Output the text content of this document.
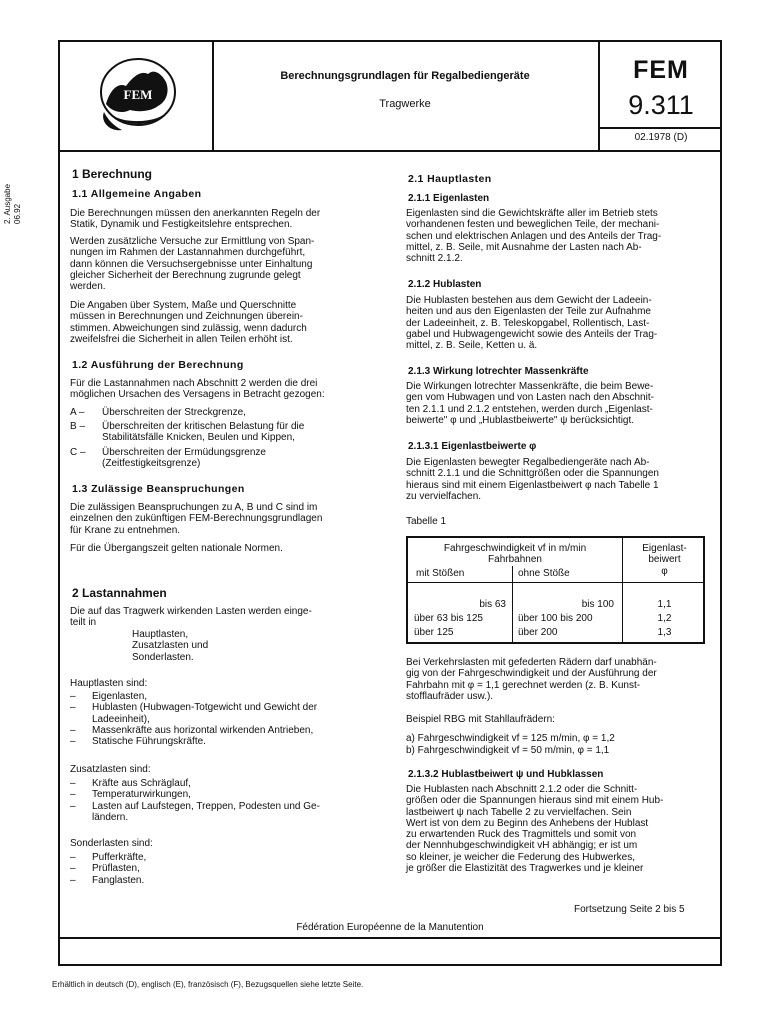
2. Ausgabe 06.92
FEM
Berechnungsgrundlagen für Regalbediengeräte
Tragwerke
FEM
9.311
02.1978 (D)
1 Berechnung
1.1 Allgemeine Angaben
Die Berechnungen müssen den anerkannten Regeln der
Statik, Dynamik und Festigkeitslehre entsprechen.
Werden zusätzliche Versuche zur Ermittlung von Span-
nungen im Rahmen der Lastannahmen durchgeführt,
dann können die Versuchsergebnisse unter Einhaltung
gleicher Sicherheit der Berechnung zugrunde gelegt
werden.
Die Angaben über System, Maße und Querschnitte
müssen in Berechnungen und Zeichnungen überein-
stimmen. Abweichungen sind zulässig, wenn dadurch
zweifelsfrei die Sicherheit in allen Teilen erhöht ist.
1.2 Ausführung der Berechnung
Für die Lastannahmen nach Abschnitt 2 werden die drei
möglichen Ursachen des Versagens in Betracht gezogen:
A – Überschreiten der Streckgrenze,
B – Überschreiten der kritischen Belastung für die
Stabilitätsfälle Knicken, Beulen und Kippen,
C – Überschreiten der Ermüdungsgrenze
(Zeitfestigkeitsgrenze)
1.3 Zulässige Beanspruchungen
Die zulässigen Beanspruchungen zu A, B und C sind im
einzelnen den zukünftigen FEM-Berechnungsgrundlagen
für Krane zu entnehmen.
Für die Übergangszeit gelten nationale Normen.
2 Lastannahmen
Die auf das Tragwerk wirkenden Lasten werden einge-
teilt in
Hauptlasten,
Zusatzlasten und
Sonderlasten.
Hauptlasten sind:
–
–
–
–
Eigenlasten,
Hublasten (Hubwagen-Totgewicht und Gewicht der
Ladeeinheit),
Massenkräfte aus horizontal wirkenden Antrieben,
Statische Führungskräfte.
Zusatzlasten sind:
–
–
–
Kräfte aus Schräglauf,
Temperaturwirkungen,
Lasten auf Laufstegen, Treppen, Podesten und Ge-
ländern.
Sonderlasten sind:
–
–
–
Pufferkräfte,
Prüflasten,
Fanglasten.
2.1 Hauptlasten
2.1.1 Eigenlasten
Eigenlasten sind die Gewichtskräfte aller im Betrieb stets
vorhandenen festen und beweglichen Teile, der mechani-
schen und elektrischen Anlagen und des Anteils der Trag-
mittel, z. B. Seile, mit Ausnahme der Lasten nach Ab-
schnitt 2.1.2.
2.1.2 Hublasten
Die Hublasten bestehen aus dem Gewicht der Ladeein-
heiten und aus den Eigenlasten der Teile zur Aufnahme
der Ladeeinheit, z. B. Teleskopgabel, Rollentisch, Last-
gabel und Hubwagengewicht sowie des Anteils der Trag-
mittel, z. B. Seile, Ketten u. ä.
2.1.3 Wirkung lotrechter Massenkräfte
Die Wirkungen lotrechter Massenkräfte, die beim Bewe-
gen vom Hubwagen und von Lasten nach den Abschnit-
ten 2.1.1 und 2.1.2 entstehen, werden durch „Eigenlast-
beiwerte" φ und „Hublastbeiwerte" ψ berücksichtigt.
2.1.3.1 Eigenlastbeiwerte φ
Die Eigenlasten bewegter Regalbediengeräte nach Ab-
schnitt 2.1.1 und die Schnittgrößen oder die Spannungen
hieraus sind mit einem Eigenlastbeiwert φ nach Tabelle 1
zu vervielfachen.
Tabelle 1
Fahrgeschwindigkeit vf in m/min
Fahrbahnen
mit Stößen	ohne Stöße
Eigenlast-
beiwert
φ
bis 63
über 63 bis 125
über 125
bis 100
über 100 bis 200
über 200
1,1
1,2
1,3
Bei Verkehrslasten mit gefederten Rädern darf unabhän-
gig von der Fahrgeschwindigkeit und der Ausführung der
Fahrbahn mit φ = 1,1 gerechnet werden (z. B. Kunst-
stofflaufräder usw.).
Beispiel RBG mit Stahllaufrädern:
a) Fahrgeschwindigkeit vf = 125 m/min, φ = 1,2
b) Fahrgeschwindigkeit vf = 50 m/min, φ = 1,1
2.1.3.2 Hublastbeiwert ψ und Hubklassen
Die Hublasten nach Abschnitt 2.1.2 oder die Schnitt-
größen oder die Spannungen hieraus sind mit einem Hub-
lastbeiwert ψ nach Tabelle 2 zu vervielfachen. Sein
Wert ist von dem zu Beginn des Anhebens der Hublast
zu erwartenden Ruck des Tragmittels und somit von
der Nennhubgeschwindigkeit vH abhängig; er ist um
so kleiner, je weicher die Federung des Hubwerkes,
je größer die Elastizität des Tragwerkes und je kleiner
Fortsetzung Seite 2 bis 5
Fédération Européenne de la Manutention
Erhältlich in deutsch (D), englisch (E), französisch (F), Bezugsquellen siehe letzte Seite.
